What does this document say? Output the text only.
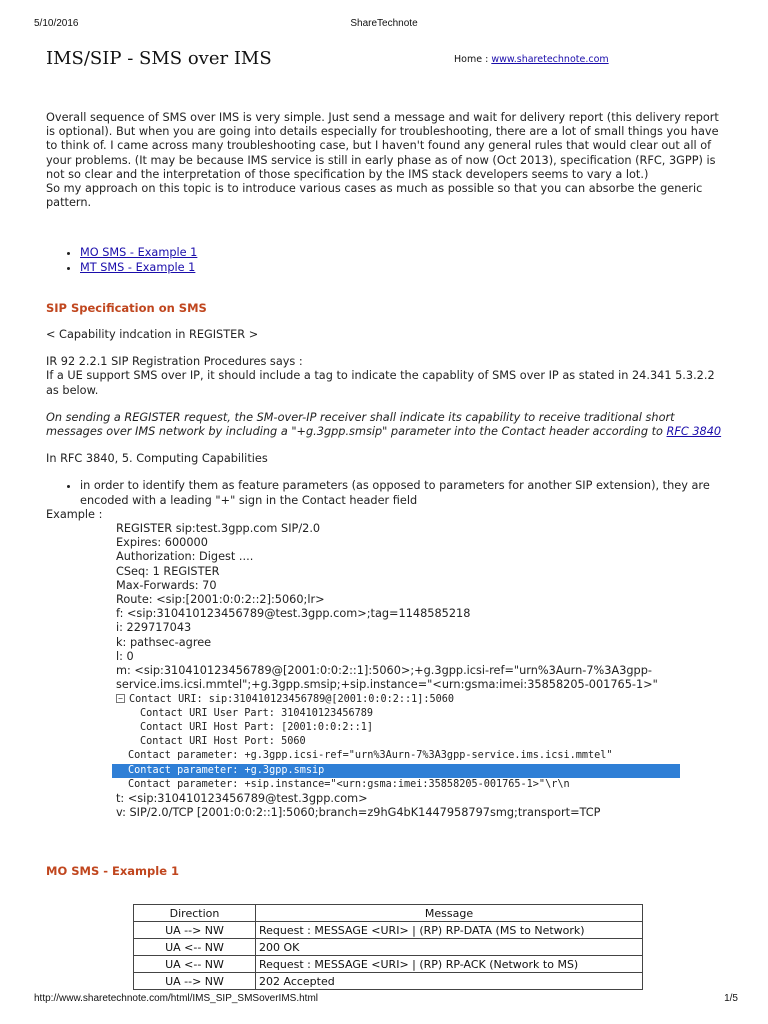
5/10/2016	ShareTechnote
IMS/SIP - SMS over IMS	Home : www.sharetechnote.com

Overall sequence of SMS over IMS is very simple. Just send a message and wait for delivery report (this delivery report is optional). But when you are going into details especially for troubleshooting, there are a lot of small things you have to think of. I came across many troubleshooting case, but I haven't found any general rules that would clear out all of your problems. (It may be because IMS service is still in early phase as of now (Oct 2013), specification (RFC, 3GPP) is not so clear and the interpretation of those specification by the IMS stack developers seems to vary a lot.)

So my approach on this topic is to introduce various cases as much as possible so that you can absorbe the generic pattern.

• MO SMS - Example 1
• MT SMS - Example 1
SIP Specification on SMS

< Capability indcation in REGISTER >

IR 92 2.2.1 SIP Registration Procedures says :

If a UE support SMS over IP, it should include a tag to indicate the capablity of SMS over IP as stated in 24.341 5.3.2.2 as below.

On sending a REGISTER request, the SM-over-IP receiver shall indicate its capability to receive traditional short messages over IMS network by including a "+g.3gpp.smsip" parameter into the Contact header according to RFC 3840

In RFC 3840, 5. Computing Capabilities

• in order to identify them as feature parameters (as opposed to parameters for another SIP extension), they are encoded with a leading "+" sign in the Contact header field

Example :

REGISTER sip:test.3gpp.com SIP/2.0
Expires: 600000
Authorization: Digest ....
CSeq: 1 REGISTER
Max-Forwards: 70
Route: <sip:[2001:0:0:2::2]:5060;lr>
f: <sip:310410123456789@test.3gpp.com>;tag=1148585218
i: 229717043
k: pathsec-agree
l: 0
m: <sip:310410123456789@[2001:0:0:2::1]:5060>;+g.3gpp.icsi-ref="urn%3Aurn-7%3A3gpp-service.ims.icsi.mmtel";+g.3gpp.smsip;+sip.instance="<urn:gsma:imei:35858205-001765-1>"
− Contact URI: sip:310410123456789@[2001:0:0:2::1]:5060
Contact URI User Part: 310410123456789
Contact URI Host Part: [2001:0:0:2::1]
Contact URI Host Port: 5060
Contact parameter: +g.3gpp.icsi-ref="urn%3Aurn-7%3A3gpp-service.ims.icsi.mmtel"
Contact parameter: +g.3gpp.smsip
Contact parameter: +sip.instance="<urn:gsma:imei:35858205-001765-1>"\r\n
t: <sip:310410123456789@test.3gpp.com>
v: SIP/2.0/TCP [2001:0:0:2::1]:5060;branch=z9hG4bK1447958797smg;transport=TCP
MO SMS - Example 1
Direction	Message
UA --> NW	Request : MESSAGE <URI> | (RP) RP-DATA (MS to Network)
UA <-- NW	200 OK
UA <-- NW	Request : MESSAGE <URI> | (RP) RP-ACK (Network to MS)
UA --> NW	202 Accepted
http://www.sharetechnote.com/html/IMS_SIP_SMSoverIMS.html	1/5
